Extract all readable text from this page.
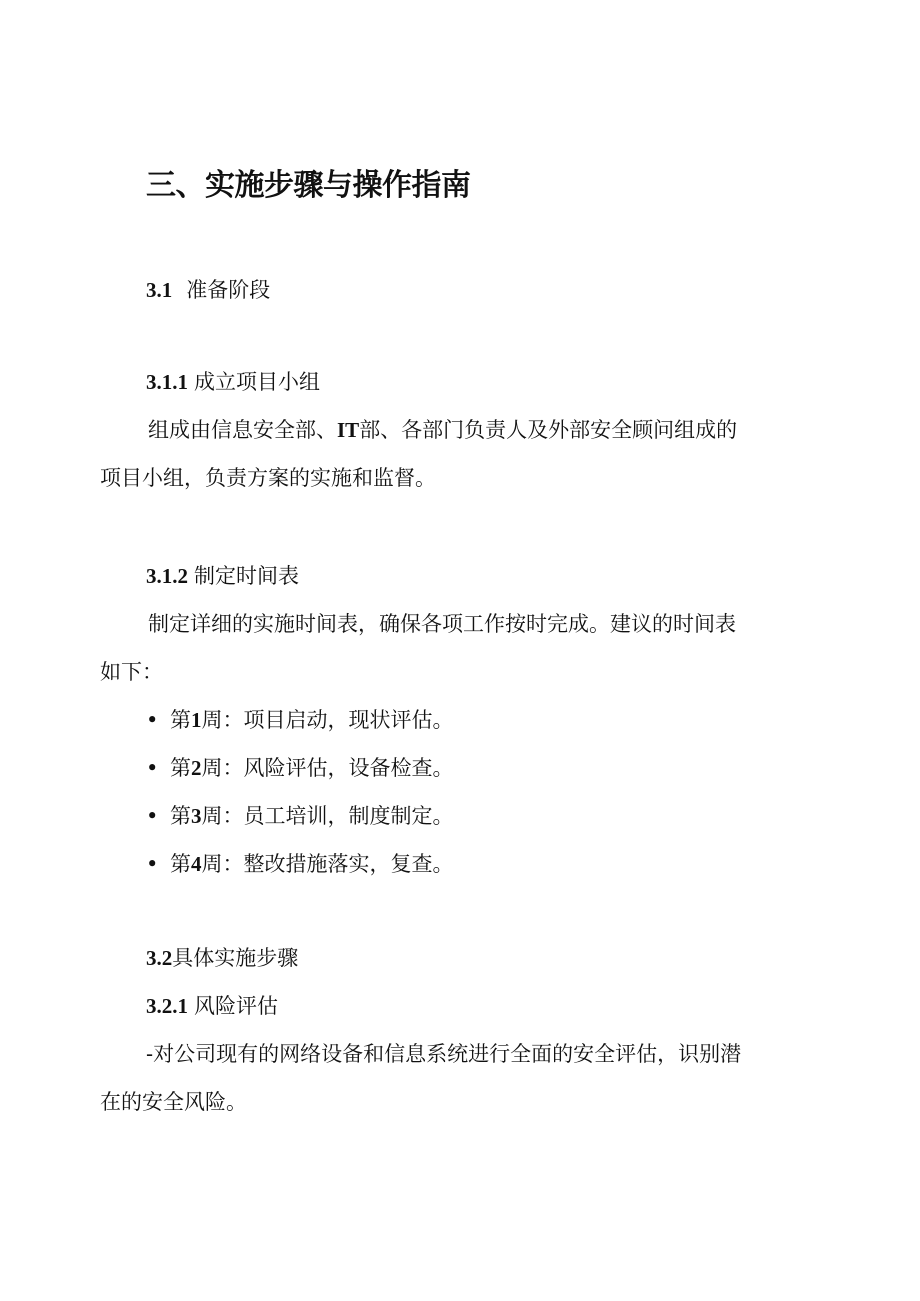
三、实施步骤与操作指南
3.1 准备阶段
3.1.1 成立项目小组

组成由信息安全部、IT部、各部门负责人及外部安全顾问组成的

项目小组，负责方案的实施和监督。

3.1.2 制定时间表

制定详细的实施时间表，确保各项工作按时完成。建议的时间表

如下：

• 第1周：项目启动，现状评估。
• 第2周：风险评估，设备检查。
• 第3周：员工培训，制度制定。
• 第4周：整改措施落实，复查。
3.2具体实施步骤
3.2.1 风险评估

-对公司现有的网络设备和信息系统进行全面的安全评估，识别潜

在的安全风险。
